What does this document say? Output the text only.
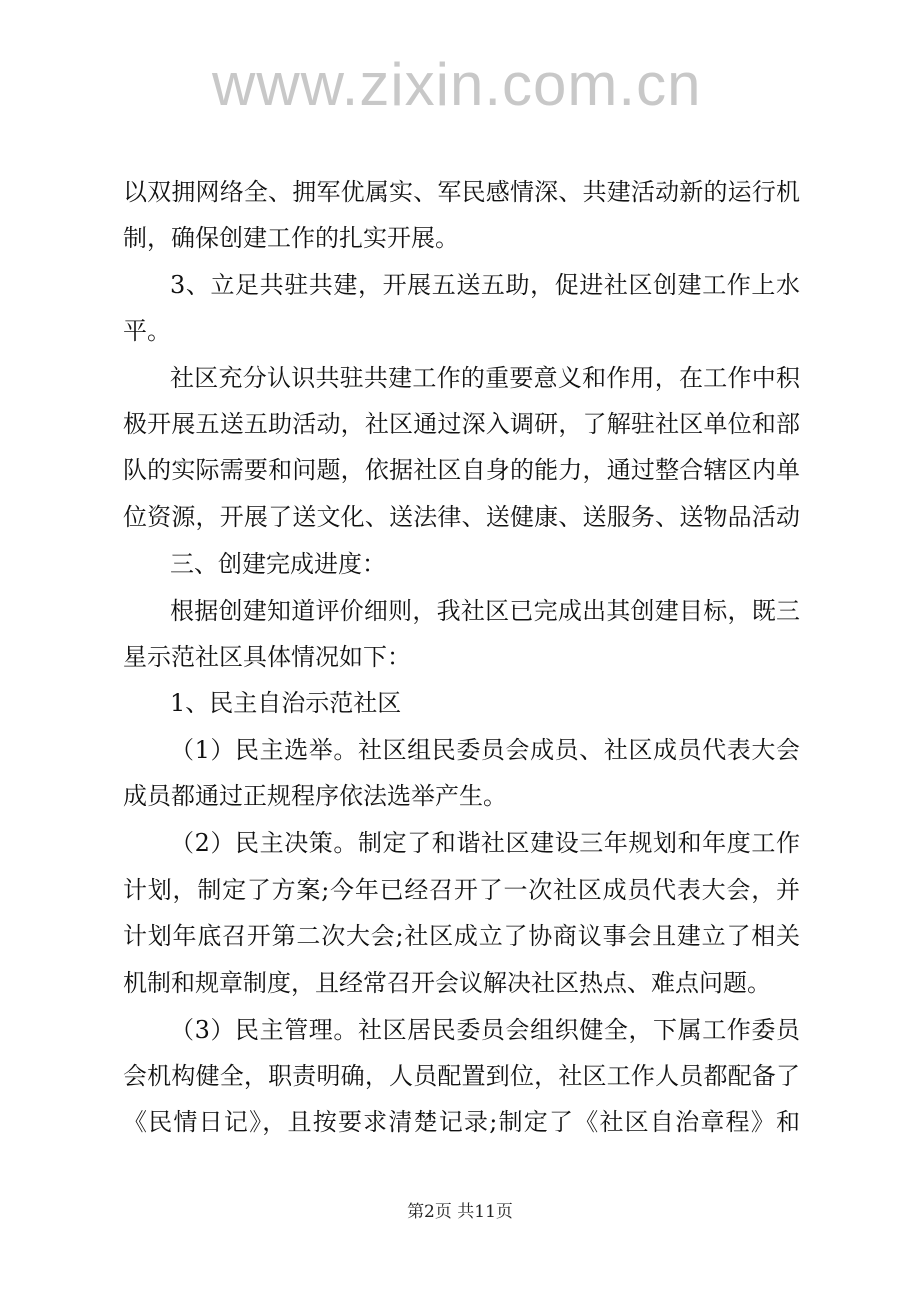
www.zixin.com.cn
以双拥网络全、拥军优属实、军民感情深、共建活动新的运行机
制，确保创建工作的扎实开展。
3、立足共驻共建，开展五送五助，促进社区创建工作上水
平。
社区充分认识共驻共建工作的重要意义和作用，在工作中积
极开展五送五助活动，社区通过深入调研，了解驻社区单位和部
队的实际需要和问题，依据社区自身的能力，通过整合辖区内单
位资源，开展了送文化、送法律、送健康、送服务、送物品活动
三、创建完成进度：
根据创建知道评价细则，我社区已完成出其创建目标，既三
星示范社区具体情况如下：
1、民主自治示范社区
（1）民主选举。社区组民委员会成员、社区成员代表大会
成员都通过正规程序依法选举产生。
（2）民主决策。制定了和谐社区建设三年规划和年度工作
计划，制定了方案;今年已经召开了一次社区成员代表大会，并
计划年底召开第二次大会;社区成立了协商议事会且建立了相关
机制和规章制度，且经常召开会议解决社区热点、难点问题。
（3）民主管理。社区居民委员会组织健全，下属工作委员
会机构健全，职责明确，人员配置到位，社区工作人员都配备了
《民情日记》，且按要求清楚记录;制定了《社区自治章程》和
第2页 共11页
